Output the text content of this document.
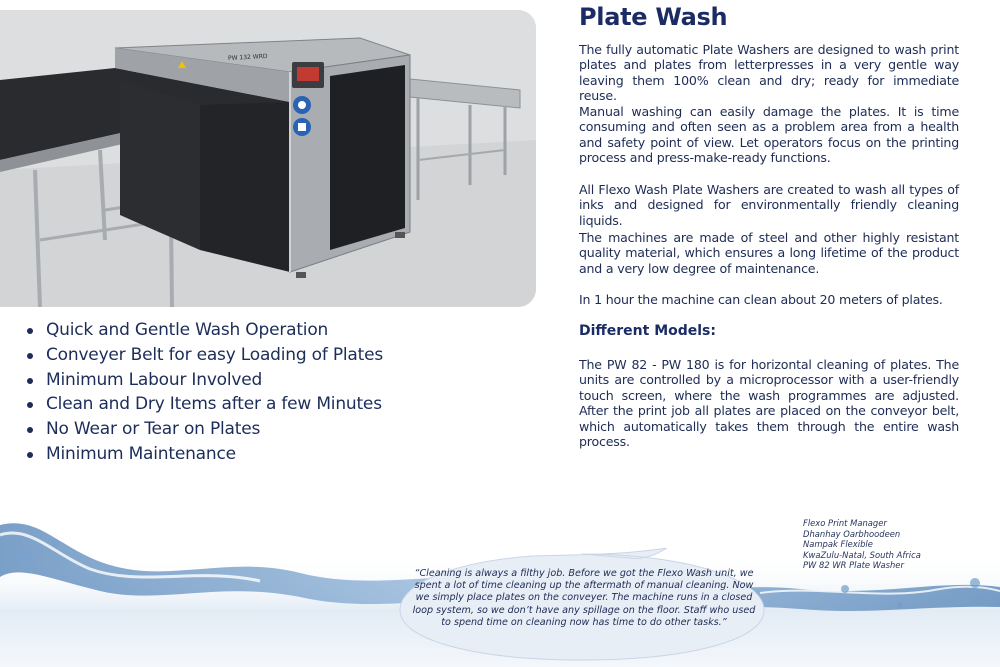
PW 132 WRD
Quick and Gentle Wash Operation
Conveyer Belt for easy Loading of Plates
Minimum Labour Involved
Clean and Dry Items after a few Minutes
No Wear or Tear on Plates
Minimum Maintenance
Plate Wash

The fully automatic Plate Washers are designed to wash print plates and plates from letterpresses in a very gentle way leaving them 100% clean and dry; ready for immediate reuse.

Manual washing can easily damage the plates. It is time consuming and often seen as a problem area from a health and safety point of view. Let operators focus on the printing process and press-make-ready functions.

All Flexo Wash Plate Washers are created to wash all types of inks and designed for environmentally friendly cleaning liquids.

The machines are made of steel and other highly resistant quality material, which ensures a long lifetime of the product and a very low degree of maintenance.

In 1 hour the machine can clean about 20 meters of plates.

Different Models:

The PW 82 - PW 180 is for horizontal cleaning of plates. The units are controlled by a microprocessor with a user-friendly touch screen, where the wash programmes are adjusted. After the print job all plates are placed on the conveyor belt, which automatically takes them through the entire wash process.

“Cleaning is always a filthy job. Before we got the Flexo Wash unit, we spent a lot of time cleaning up the aftermath of manual cleaning. Now we simply place plates on the conveyer. The machine runs in a closed loop system, so we don’t have any spillage on the floor. Staff who used to spend time on cleaning now has time to do other tasks.”

Flexo Print Manager
Dhanhay Oarbhoodeen
Nampak Flexible
KwaZulu-Natal, South Africa
PW 82 WR Plate Washer
